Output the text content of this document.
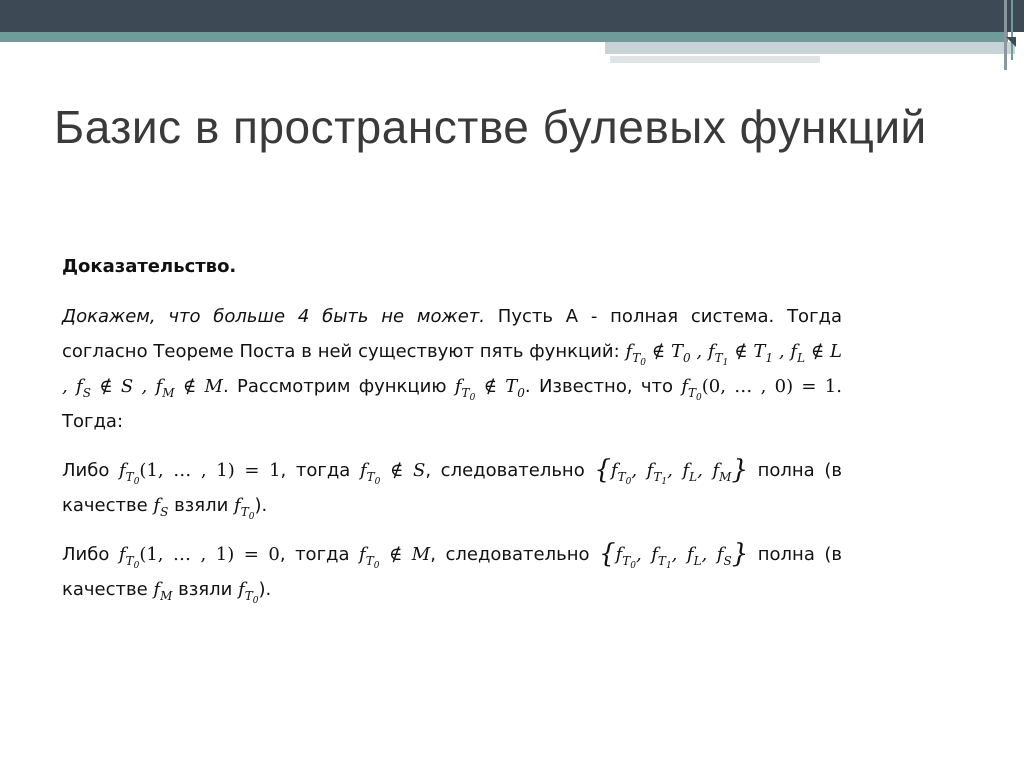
Базис в пространстве булевых функций

Доказательство.

Докажем, что больше 4 быть не может. Пусть A - полная система. Тогда согласно Теореме Поста в ней существуют пять функций: $f_{T_0}$ ∉ $T_0$ , $f_{T_1}$ ∉ $T_1$ , $f_L$ ∉ L , $f_S$ ∉ S , $f_M$ ∉ M. Рассмотрим функцию $f_{T_0}$ ∉ $T_0$. Известно, что $f_{T_0}(0$, … , 0) = 1. Тогда:

Либо $f_{T_0}(1$, … , 1) = 1, тогда $f_{T_0}$ ∉ S, следовательно {$f_{T_0}$, $f_{T_1}$, $f_L$, $f_M$} полна (в качестве $f_S$ взяли $f_{T_0}$).

Либо $f_{T_0}(1$, … , 1) = 0, тогда $f_{T_0}$ ∉ M, следовательно {$f_{T_0}$, $f_{T_1}$, $f_L$, $f_S$} полна (в качестве $f_M$ взяли $f_{T_0}$).
